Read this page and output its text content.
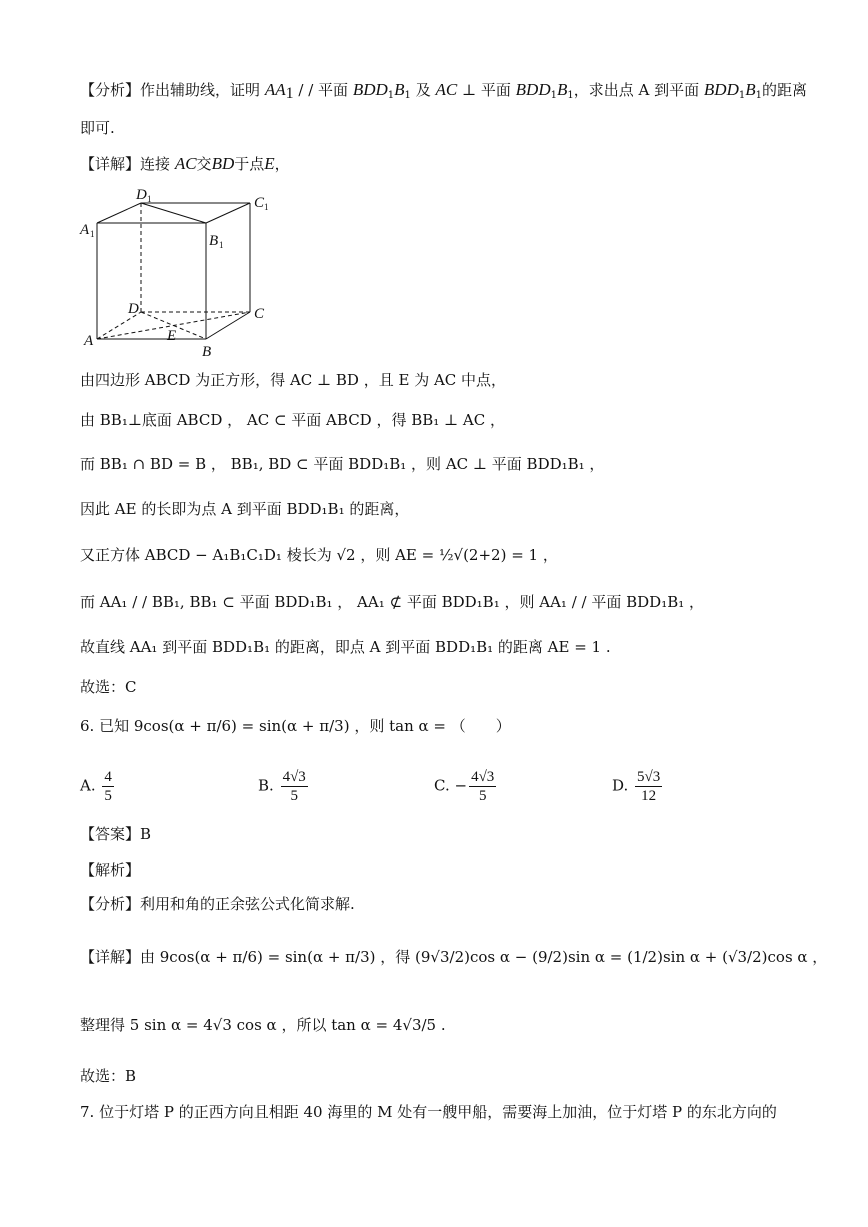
【分析】作出辅助线，证明 $AA_1$ / / 平面 $BDD_1B_1$ 及 AC ⊥ 平面 $BDD_1B_1$，求出点 A 到平面 $BDD_1B_1$的距离
即可.
【详解】连接 AC交BD于点E，
D 1	C 1
A 1	B 1
D	C
E
A
B
由四边形 ABCD 为正方形，得 AC ⊥ BD ，且 E 为 AC 中点，
由 BB₁⊥底面 ABCD ， AC ⊂ 平面 ABCD ，得 BB₁ ⊥ AC ，
而 BB₁ ∩ BD = B ， BB₁, BD ⊂ 平面 BDD₁B₁ ，则 AC ⊥ 平面 BDD₁B₁ ，
因此 AE 的长即为点 A 到平面 BDD₁B₁ 的距离，
又正方体 ABCD − A₁B₁C₁D₁ 棱长为 √2 ，则 AE = ½√(2+2) = 1 ，
而 AA₁ / / BB₁, BB₁ ⊂ 平面 BDD₁B₁ ， AA₁ ⊄ 平面 BDD₁B₁ ，则 AA₁ / / 平面 BDD₁B₁ ，
故直线 AA₁ 到平面 BDD₁B₁ 的距离，即点 A 到平面 BDD₁B₁ 的距离 AE = 1 .
故选：C
6. 已知 9cos(α + π/6) = sin(α + π/3) ，则 tan α = （　　）
A. $\frac{4}{5}$	B. $\frac{4√3}{5}$	C. − $\frac{4√3}{5}$	D. $\frac{5√3}{12}$
【答案】B
【解析】
【分析】利用和角的正余弦公式化简求解.
【详解】由 9cos(α + π/6) = sin(α + π/3) ，得 (9√3/2)cos α − (9/2)sin α = (1/2)sin α + (√3/2)cos α ，
整理得 5 sin α = 4√3 cos α ，所以 tan α = 4√3/5 .
故选：B
7. 位于灯塔 P 的正西方向且相距 40 海里的 M 处有一艘甲船，需要海上加油，位于灯塔 P 的东北方向的
